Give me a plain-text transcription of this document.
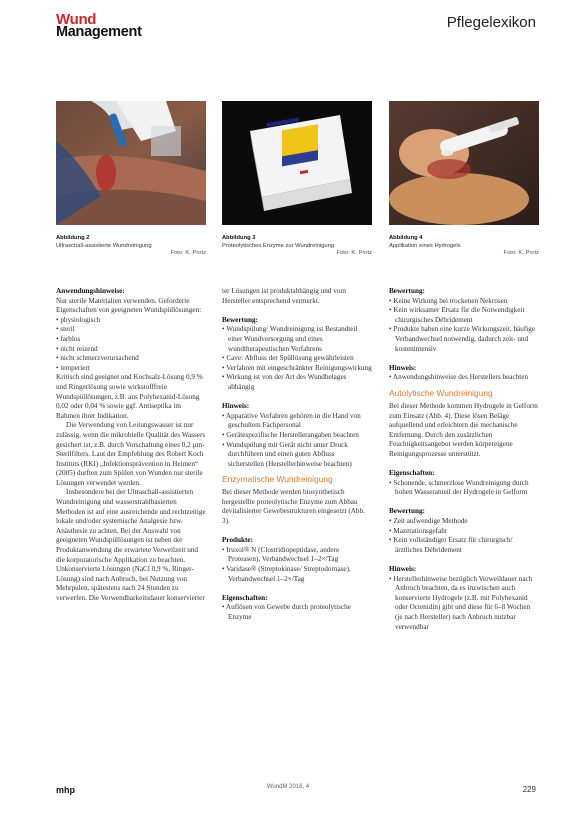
Wund
Management
Pflegelexikon
Abbildung 2
Ultraschall-assistierte Wundreinigung
Foto: K. Protz
Abbildung 3
Proteolytisches Enzyme zur Wundreinigung
Foto: K. Protz
Abbildung 4
Applikation eines Hydrogels
Foto: K. Protz

Anwendungshinweise:

Nur sterile Materialien verwenden. Geforderte Eigenschaften von geeigneten Wundspüllösungen:

• physiologisch
• steril
• farblos
• nicht reizend
• nicht schmerzverursachend
• temperiert

Kritisch sind geeignet und Kochsalz-Lösung 0,9 % und Ringerlösung sowie wirkstofffreie Wundspüllösungen, z.B. aus Polyhexanid-Lösung 0,02 oder 0,04 % sowie ggf. Antiseptika im Rahmen ihrer Indikation.

Die Verwendung von Leitungswasser ist nur zulässig, wenn die mikrobielle Qualität des Wassers gesichert ist, z.B. durch Vorschaltung eines 0,2 µm-Sterilfilters. Laut der Empfehlung des Robert Koch Instituts (RKI) „Infektionsprävention in Heimen“ (2005) durften zum Spülen von Wunden nur sterile Lösungen verwendet werden.

Insbesondere bei der Ultraschall-assistierten Wundreinigung und wasserstrahlbasierten Methoden ist auf eine ausreichende und rechtzeitige lokale und/oder systemische Analgesie bzw. Anästhesie zu achten. Bei der Auswahl von geeigneten Wundspüllösungen ist neben der Produktanwendung die erwartete Verweilzeit und die korporatorische Applikation zu beachten. Unkonservierte Lösungen (NaCl 0,9 %, Ringer-Lösung) sind nach Anbruch, bei Nutzung von Mehrpulen, spätestens nach 24 Stunden zu verwerfen. Die Verwendbarkeitsdauer konservierter

ter Lösungen ist produktabhängig und vom Hersteller entsprechend vermerkt.

Bewertung:

• Wundspülung/ Wundreinigung ist Bestandteil einer Wundversorgung und eines wundtherapeutischen Verfahrens
• Cave: Abfluss der Spüllösung gewährleisten
• Verfahren mit eingeschränkter Reinigungswirkung
• Wirkung ist von der Art des Wundbelages abhängig

Hinweis:

• Apparative Verfahren gehören in die Hand von geschultem Fachpersonal
• Gerätespezifische Herstellerangaben beachten
• Wundspülung mit Gerät nicht unter Druck durchführen und einen guten Abfluss sicherstellen (Herstellerhinweise beachten)

Enzymatische Wundreinigung

Bei dieser Methode werden biosynthetisch hergestellte proteolytische Enzyme zum Abbau devitalisierter Gewebestrukturen eingesetzt (Abb. 3).

Produkte:

• Iruxol® N (Clostridiopeptidase, andere Proteasen), Verbandwechsel 1–2×/Tag
• Varidase® (Streptokinase/ Streptodornase), Verbandwechsel 1–2×/Tag

Eigenschaften:

• Auflösen von Gewebe durch proteolytische Enzyme

Bewertung:

• Keine Wirkung bei trockenen Nekrosen
• Kein wirksamer Ersatz für die Notwendigkeit chirurgisches Débridement
• Produkte haben eine kurze Wirkungszeit, häufige Verbandwechsel notwendig, dadurch zeit- und kostenintensiv

Hinweis:

• Anwendungshinweise des Herstellers beachten

Autolytische Wundreinigung

Bei dieser Methode kommen Hydrogele in Gelform zum Einsatz (Abb. 4). Diese lösen Beläge aufquellend und erleichtern die mechanische Entfernung. Durch den zusätzlichen Feuchtigkeitsangebot werden körpereigene Reinigungsprozesse unterstützt.

Eigenschaften:

• Schonende, schmerzlose Wundreinigung durch hohen Wasseranteil der Hydrogele in Gelform

Bewertung:

• Zeit aufwendige Methode
• Mazerationsgefahr
• Kein vollständiger Ersatz für chirurgisch/ ärztliches Débridement

Hinweis:

• Herstellerhinweise bezüglich Verweildauer nach Anbruch beachten, da es inzwischen auch konservierte Hydrogele (z.B. mit Polyhexanid oder Octenidin) gibt und diese für 6–8 Wochen (je nach Hersteller) nach Anbruch nutzbar verwendbar
mhp	WundM 2016, 4	229
